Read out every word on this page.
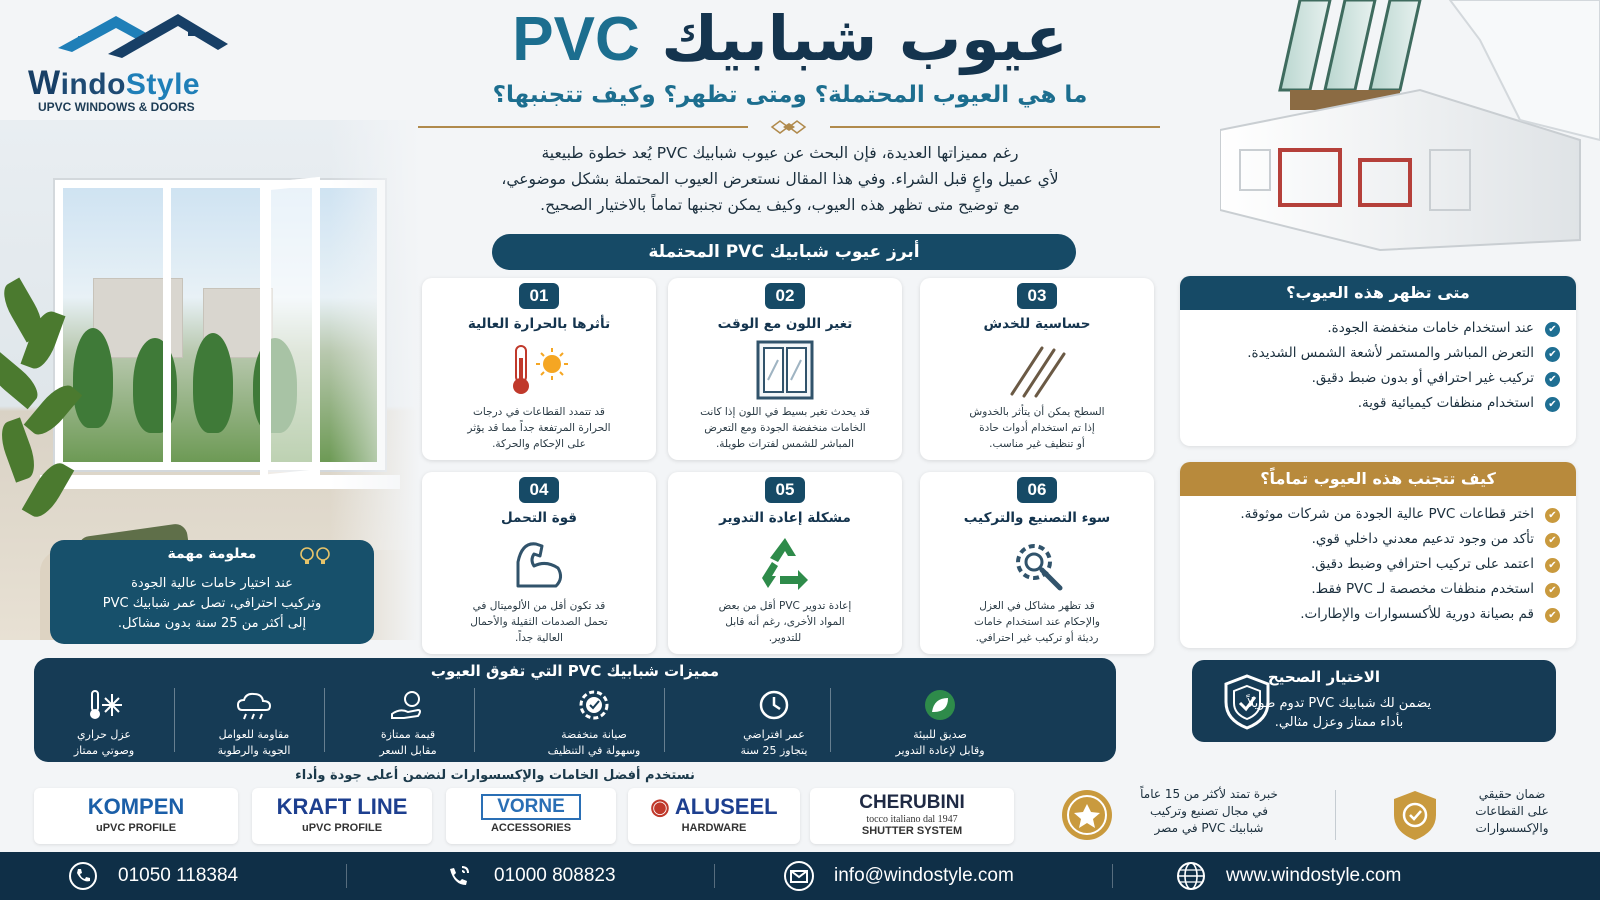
WindoStyle
UPVC WINDOWS & DOORS
عيوب شبابيك PVC
ما هي العيوب المحتملة؟ ومتى تظهر؟ وكيف تتجنبها؟
رغم مميزاتها العديدة، فإن البحث عن عيوب شبابيك PVC يُعد خطوة طبيعية
لأي عميل واعٍ قبل الشراء. وفي هذا المقال نستعرض العيوب المحتملة بشكل موضوعي،
مع توضيح متى تظهر هذه العيوب، وكيف يمكن تجنبها تماماً بالاختيار الصحيح.
أبرز عيوب شبابيك PVC المحتملة
01
تأثرها بالحرارة العالية
قد تتمدد القطاعات في درجات
الحرارة المرتفعة جداً مما قد يؤثر
على الإحكام والحركة.
02
تغير اللون مع الوقت
قد يحدث تغير بسيط في اللون إذا كانت
الخامات منخفضة الجودة ومع التعرض
المباشر للشمس لفترات طويلة.
03
حساسية للخدش
السطح يمكن أن يتأثر بالخدوش
إذا تم استخدام أدوات حادة
أو تنظيف غير مناسب.
04
قوة التحمل
قد تكون أقل من الألوميتال في
تحمل الصدمات الثقيلة والأحمال
العالية جداً.
05
مشكلة إعادة التدوير
إعادة تدوير PVC أقل من بعض
المواد الأخرى، رغم أنه قابل
للتدوير.
06
سوء التصنيع والتركيب
قد تظهر مشاكل في العزل
والإحكام عند استخدام خامات
رديئة أو تركيب غير احترافي.
معلومة مهمة
عند اختيار خامات عالية الجودة
وتركيب احترافي، تصل عمر شبابيك PVC
إلى أكثر من 25 سنة بدون مشاكل.
متى تظهر هذه العيوب؟
✔
عند استخدام خامات منخفضة الجودة.
✔
التعرض المباشر والمستمر لأشعة الشمس الشديدة.
✔
تركيب غير احترافي أو بدون ضبط دقيق.
✔
استخدام منظفات كيميائية قوية.
كيف تتجنب هذه العيوب تماماً؟
✔
اختر قطاعات PVC عالية الجودة من شركات موثوقة.
✔
تأكد من وجود تدعيم معدني داخلي قوي.
✔
اعتمد على تركيب احترافي وضبط دقيق.
✔
استخدم منظفات مخصصة لـ PVC فقط.
✔
قم بصيانة دورية للأكسسوارات والإطارات.
الاختيار الصحيح
يضمن لك شبابيك PVC تدوم طويلاً
بأداء ممتاز وعزل مثالي.
مميزات شبابيك PVC التي تفوق العيوب
صديق للبيئة
وقابل لإعادة التدوير
عمر افتراضي
يتجاوز 25 سنة
صيانة منخفضة
وسهولة في التنظيف
قيمة ممتازة
مقابل السعر
مقاومة للعوامل
الجوية والرطوبة
عزل حراري
وصوتي ممتاز
نستخدم أفضل الخامات والإكسسوارات لنضمن أعلى جودة وأداء
KOMPEN
uPVC PROFILE
KRAFT LINE
uPVC PROFILE
VORNE
ACCESSORIES
◉ ALUSEEL
HARDWARE
CHERUBINI
tocco italiano dal 1947
SHUTTER SYSTEM
خبرة تمتد لأكثر من 15 عاماً
في مجال تصنيع وتركيب
شبابيك PVC في مصر
ضمان حقيقي
على القطاعات
والإكسسوارات
01050 118384	01000 808823	info@windostyle.com	www.windostyle.com
